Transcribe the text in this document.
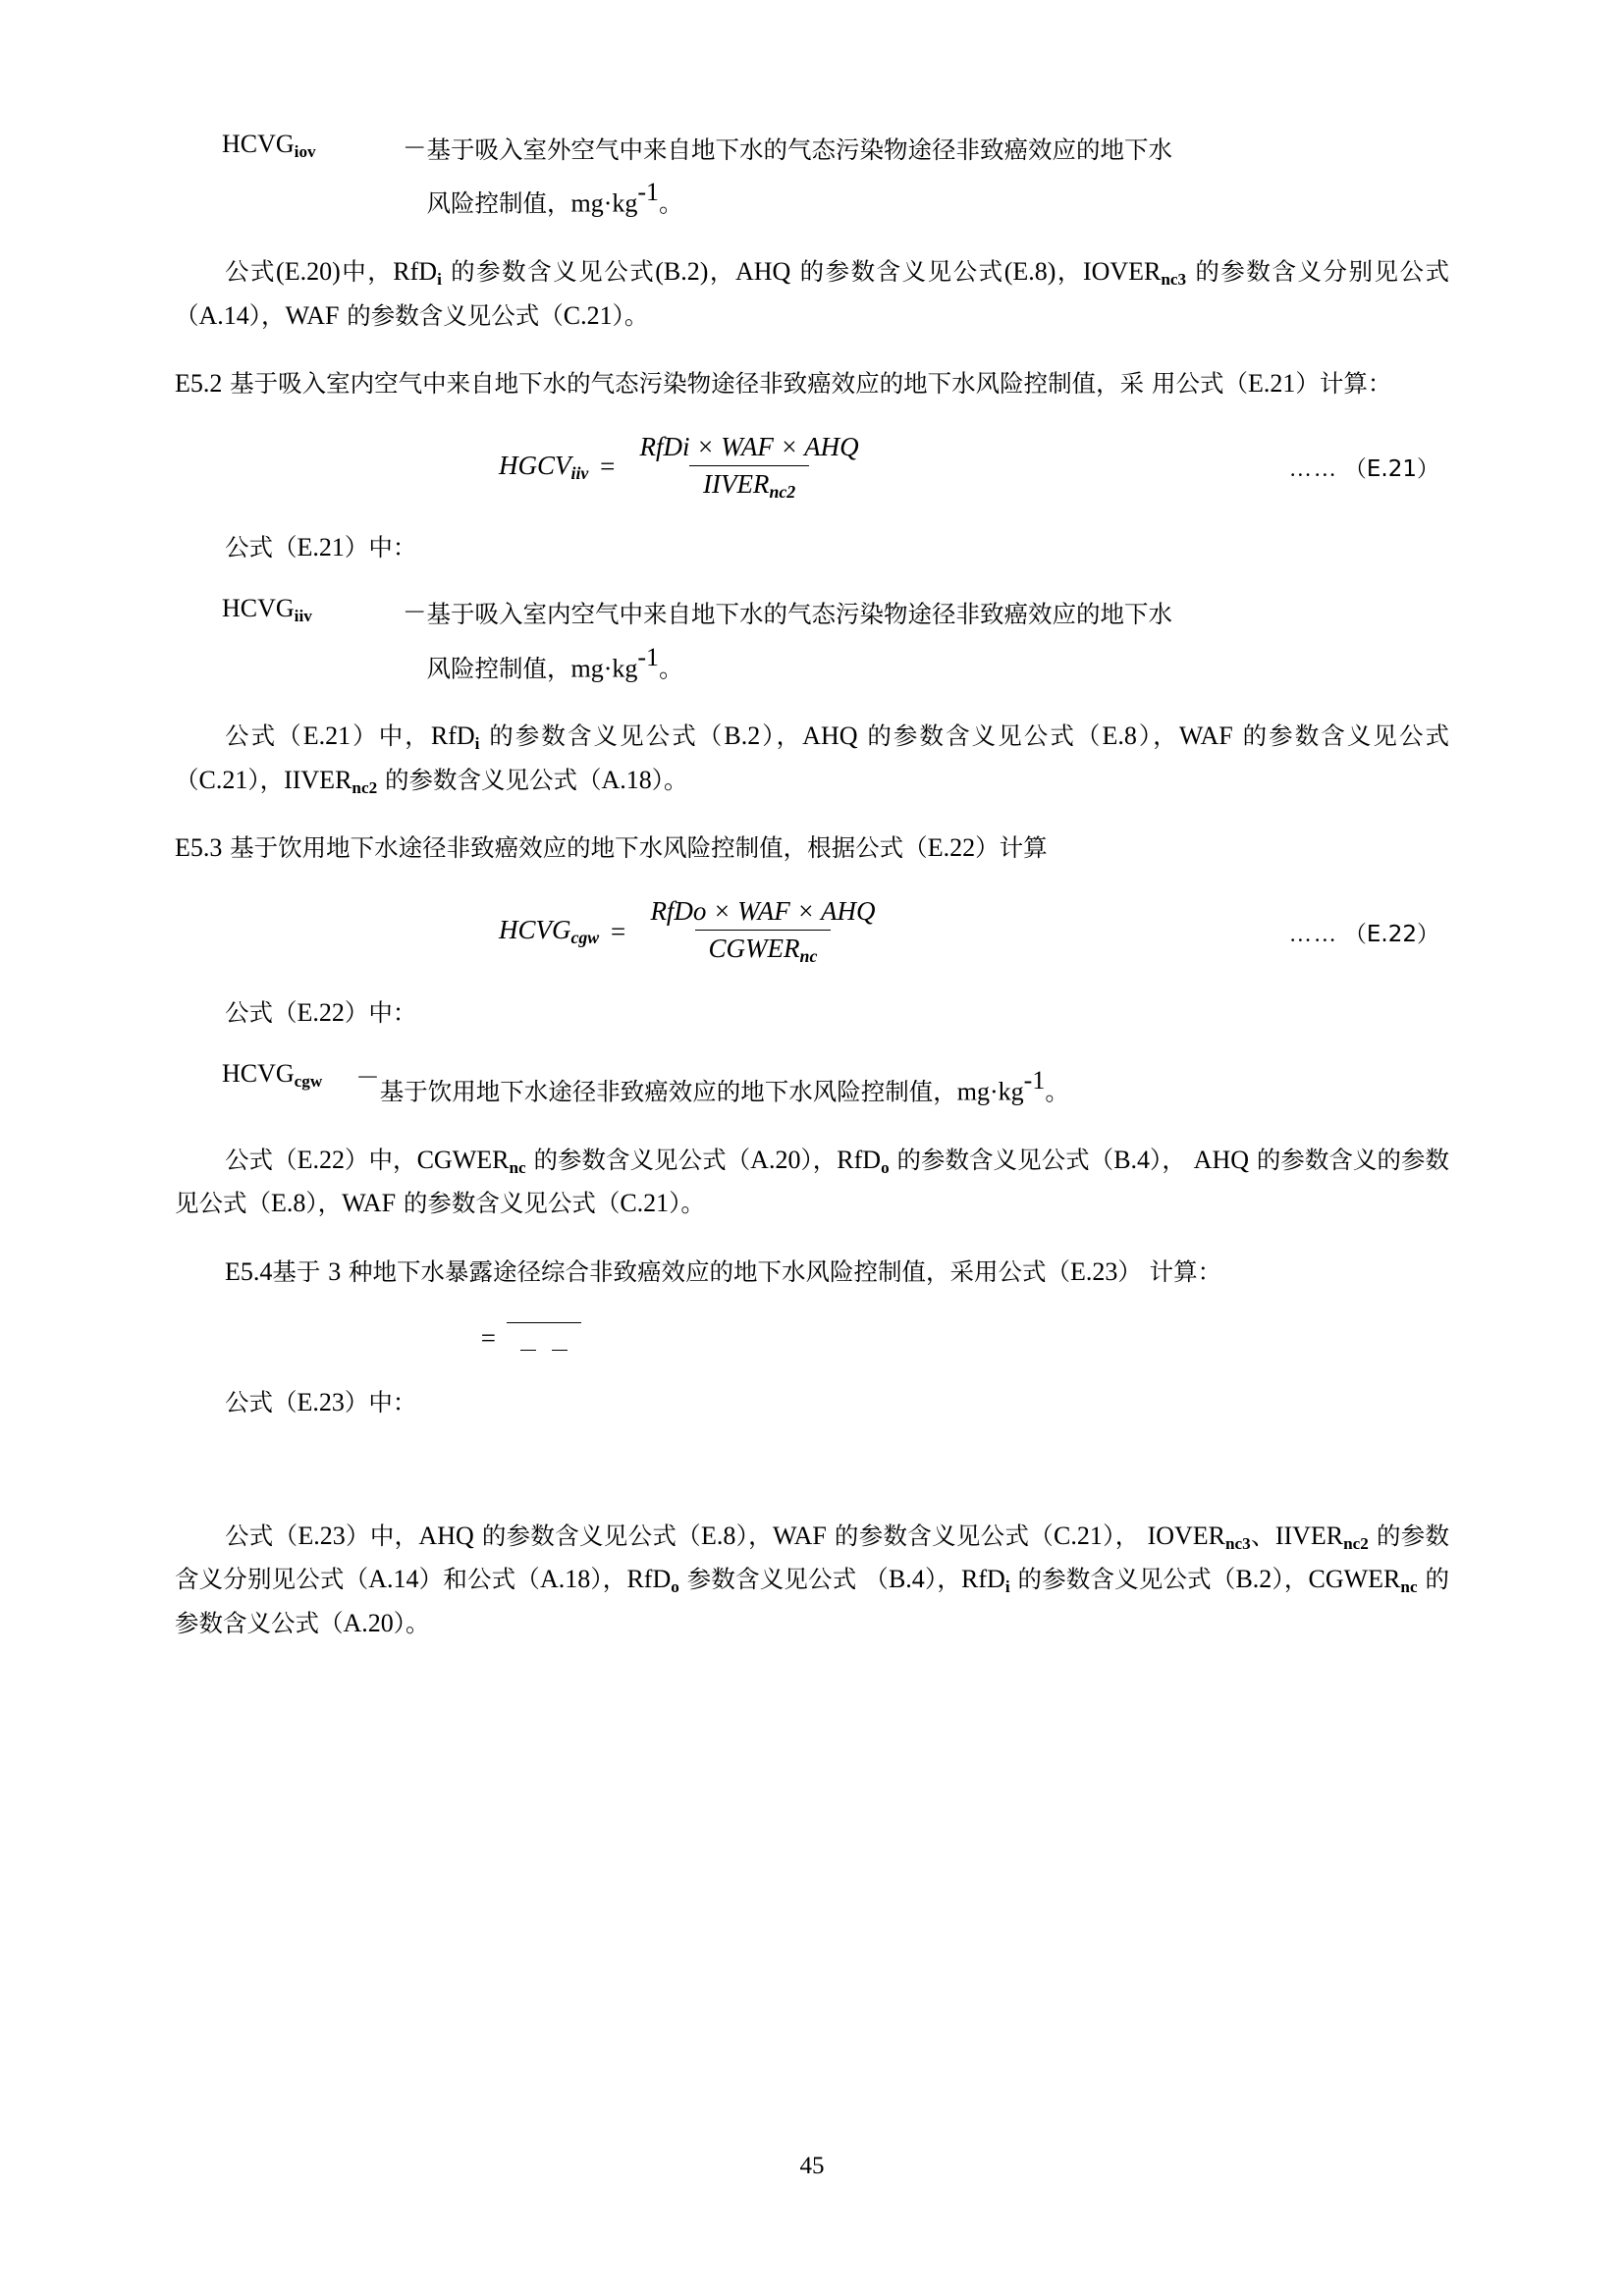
$HCVG_{iov}$	－ 基于吸入室外空气中来自地下水的气态污染物途径非致癌效应的地下水
风险控制值，$mg\cdot kg^{-1}$。

公式(E.20)中，RfD$_i$ 的参数含义见公式(B.2)，AHQ 的参数含义见公式(E.8)，$IOVER_{nc3}$ 的参数含义分别见公式（A.14），WAF 的参数含义见公式（C.21）。

E5.2 基于吸入室内空气中来自地下水的气态污染物途径非致癌效应的地下水风险控制值，采 用公式（E.21）计算：

$HGCV_{iiv} = \frac{\text{RfDi × WAF × AHQ}}{IIVER_{nc2}}$	…… （E.21）

公式（E.21）中：

$HCVG_{iiv}$	－ 基于吸入室内空气中来自地下水的气态污染物途径非致癌效应的地下水
风险控制值，$mg\cdot kg^{-1}$。

公式（E.21）中，RfD$_i$ 的参数含义见公式（B.2），AHQ 的参数含义见公式（E.8），WAF 的参数含义见公式（C.21），$IIVER_{nc2}$ 的参数含义见公式（A.18）。

E5.3 基于饮用地下水途径非致癌效应的地下水风险控制值，根据公式（E.22）计算

$HCVG_{cgw} = \frac{\text{RfDo × WAF × AHQ}}{CGWER_{nc}}$	…… （E.22）

公式（E.22）中：

$HCVG_{cgw}$	－
基于饮用地下水途径非致癌效应的地下水风险控制值，$mg\cdot kg^{-1}$。

公式（E.22）中，$CGWER_{nc}$ 的参数含义见公式（A.20），RfD$_o$ 的参数含义见公式（B.4）， AHQ 的参数含义的参数见公式（E.8），WAF 的参数含义见公式（C.21）。

E5.4基于 3 种地下水暴露途径综合非致癌效应的地下水风险控制值，采用公式（E.23） 计算：

=

公式（E.23）中：

公式（E.23）中，AHQ 的参数含义见公式（E.8），WAF 的参数含义见公式（C.21）， $IOVER_{nc3}$、$IIVER_{nc2}$ 的参数含义分别见公式（A.14）和公式（A.18），RfD$_o$ 参数含义见公式 （B.4），RfD$_i$ 的参数含义见公式（B.2），$CGWER_{nc}$ 的参数含义公式（A.20）。

45
